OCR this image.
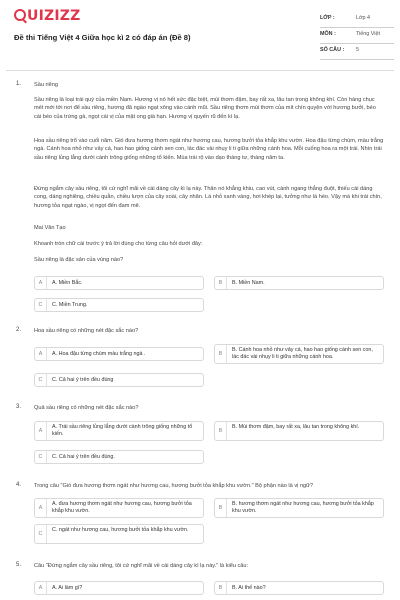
UIZIZZ
Đề thi Tiếng Việt 4 Giữa học kì 2 có đáp án (Đề 8)
LỚP :	Lớp 4
MÔN :	Tiếng Việt
SỐ CÂU : 5
1. Sầu riêng
Sầu riêng là loại trái quý của miền Nam. Hương vị nó hết sức đặc biệt, mùi thơm đậm, bay rất xa, lâu tan trong không khí. Còn hàng chục mét mới tới nơi để sầu riêng, hương đã ngào ngạt xông vào cánh mũi. Sầu riêng thơm mùi thơm của mít chín quyện với hương bưởi, béo cái béo của trứng gà, ngọt cái vị của mật ong già hạn. Hương vị quyến rũ đến kì lạ.
Hoa sầu riêng trổ vào cuối năm. Gió đưa hương thơm ngát như hương cau, hương bưởi tỏa khắp khu vườn. Hoa đậu từng chùm, màu trắng ngà. Cánh hoa nhỏ như vảy cá, hao hao giống cánh sen con, lác đác vài nhụy li ti giữa những cánh hoa. Mỗi cuống hoa ra một trái. Nhìn trái sầu riêng lủng lẳng dưới cành trông giống những tổ kiến. Mùa trái rộ vào dạo tháng tư, tháng năm ta.
Đứng ngắm cây sầu riêng, tôi cứ nghĩ mãi về cái dáng cây kì lạ này. Thân nó khẳng khiu, cao vút, cành ngang thẳng đuột, thiếu cái dáng cong, dáng nghiêng, chiều quằn, chiều lượn của cây xoài, cây nhãn. Lá nhỏ xanh vàng, hơi khép lại, tưởng như lá héo. Vậy mà khi trái chín, hương tỏa ngạt ngào, vị ngọt đến đam mê.
Mai Văn Tạo
Khoanh tròn chữ cái trước ý trả lời đúng cho từng câu hỏi dưới đây:
Sầu riêng là đặc sản của vùng nào?
A	A. Miền Bắc.	B	B. Miền Nam.
C	C. Miền Trung.
2. Hoa sầu riêng có những nét đặc sắc nào?
A	A. Hoa đậu từng chùm màu trắng ngà .	B
B. Cánh hoa nhỏ như vảy cá, hao hao giống cánh sen con, lác đác vài nhụy li ti giữa những cánh hoa.
C	C. Cả hai ý trên đều đúng
3. Quả sầu riêng có những nét đặc sắc nào?
A
A. Trái sầu riêng lủng lẳng dưới cành trông giống những tổ kiến.
B
B. Mùi thơm đậm, bay rất xa, lâu tan trong không khí.
C	C. Cả hai ý trên đều đúng.
4. Trong câu "Gió đưa hương thơm ngát như hương cau, hương bưởi tỏa khắp khu vườn." Bộ phận nào là vị ngữ?
A
A. đưa hương thơm ngát như hương cau, hương bưởi tỏa khắp khu vườn.
B
B. hương thơm ngát như hương cau, hương bưởi tỏa khắp khu vườn.
C
C. ngát như hương cau, hương bưởi tỏa khắp khu vườn.
5. Câu "Đứng ngắm cây sầu riêng, tôi cứ nghĩ mãi về cái dáng cây kì lạ này." là kiểu câu:
A	A. Ai làm gì?	B	B. Ai thế nào?
